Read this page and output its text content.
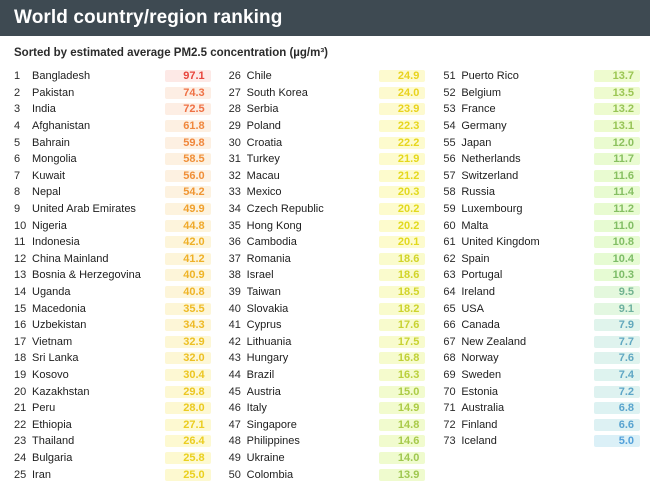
World country/region ranking
Sorted by estimated average PM2.5 concentration (µg/m³)
1	Bangladesh	97.1
2	Pakistan	74.3
3	India	72.5
4	Afghanistan	61.8
5	Bahrain	59.8
6	Mongolia	58.5
7	Kuwait	56.0
8	Nepal	54.2
9	United Arab Emirates	49.9
10 Nigeria	44.8
11 Indonesia	42.0
12 China Mainland	41.2
13 Bosnia & Herzegovina	40.9
14 Uganda	40.8
15 Macedonia	35.5
16 Uzbekistan	34.3
17 Vietnam	32.9
18 Sri Lanka	32.0
19 Kosovo	30.4
20 Kazakhstan	29.8
21 Peru	28.0
22 Ethiopia	27.1
23 Thailand	26.4
24 Bulgaria	25.8
25 Iran	25.0
26 Chile	24.9
27 South Korea	24.0
28 Serbia	23.9
29 Poland	22.3
30 Croatia	22.2
31 Turkey	21.9
32 Macau	21.2
33 Mexico	20.3
34 Czech Republic	20.2
35 Hong Kong	20.2
36 Cambodia	20.1
37 Romania	18.6
38 Israel	18.6
39 Taiwan	18.5
40 Slovakia	18.2
41 Cyprus	17.6
42 Lithuania	17.5
43 Hungary	16.8
44 Brazil	16.3
45 Austria	15.0
46 Italy	14.9
47 Singapore	14.8
48 Philippines	14.6
49 Ukraine	14.0
50 Colombia	13.9
51 Puerto Rico	13.7
52 Belgium	13.5
53 France	13.2
54 Germany	13.1
55 Japan	12.0
56 Netherlands	11.7
57 Switzerland	11.6
58 Russia	11.4
59 Luxembourg	11.2
60 Malta	11.0
61 United Kingdom	10.8
62 Spain	10.4
63 Portugal	10.3
64 Ireland	9.5
65 USA	9.1
66 Canada	7.9
67 New Zealand	7.7
68 Norway	7.6
69 Sweden	7.4
70 Estonia	7.2
71 Australia	6.8
72 Finland	6.6
73 Iceland	5.0
